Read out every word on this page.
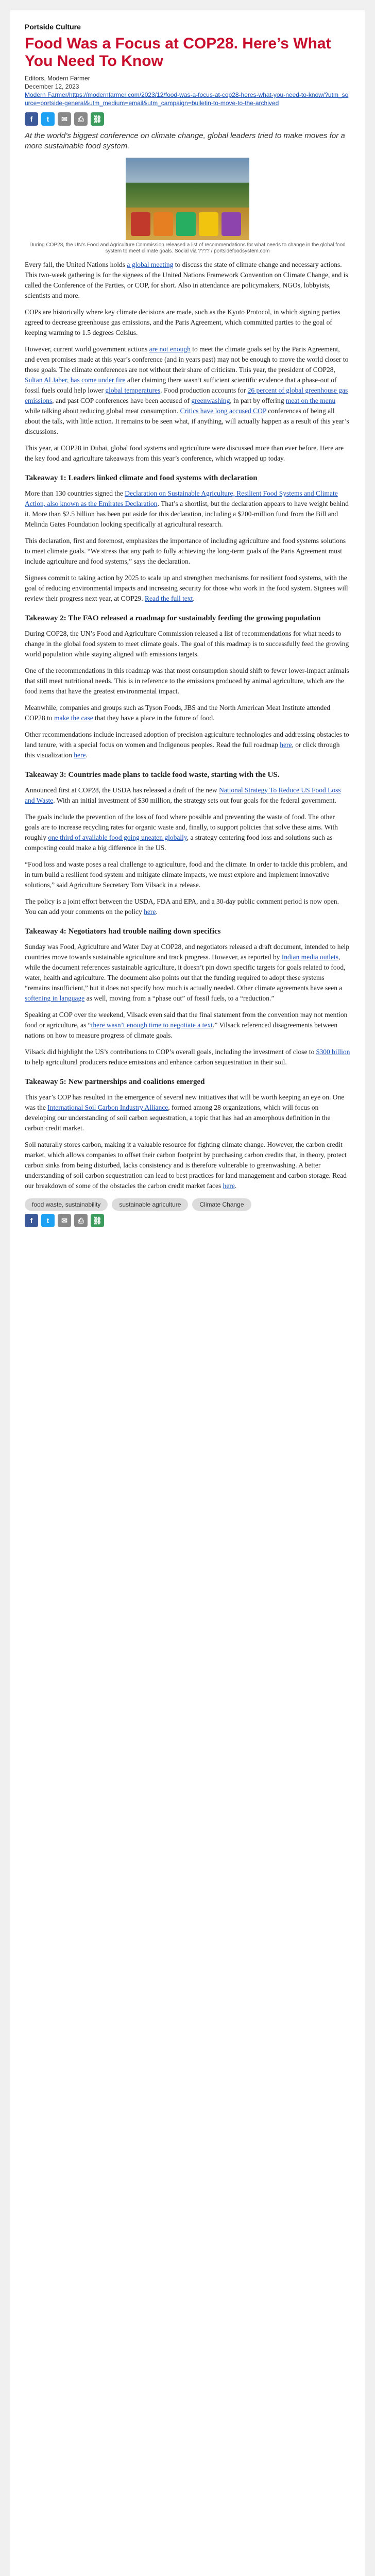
Portside Culture
Food Was a Focus at COP28. Here’s What You Need To Know
Editors, Modern Farmer
December 12, 2023
Modern Farmer/https://modernfarmer.com/2023/12/food-was-a-focus-at-cop28-heres-what-you-need-to-know/?utm_source=portside-general&utm_medium=email&utm_campaign=bulletin-to-move-to-the-archived
f	t	✉	⎙	⛓
At the world’s biggest conference on climate change, global leaders tried to make moves for a more sustainable food system.
During COP28, the UN’s Food and Agriculture Commission released a list of recommendations for what needs to change in the global food system to meet climate goals. Social via ???? / portsidefoodsystem.com

Every fall, the United Nations holds a global meeting to discuss the state of climate change and necessary actions. This two-week gathering is for the signees of the United Nations Framework Convention on Climate Change, and is called the Conference of the Parties, or COP, for short. Also in attendance are policymakers, NGOs, lobbyists, scientists and more.

COPs are historically where key climate decisions are made, such as the Kyoto Protocol, in which signing parties agreed to decrease greenhouse gas emissions, and the Paris Agreement, which committed parties to the goal of keeping warming to 1.5 degrees Celsius.

However, current world government actions are not enough to meet the climate goals set by the Paris Agreement, and even promises made at this year’s conference (and in years past) may not be enough to move the world closer to those goals. The climate conferences are not without their share of criticism. This year, the president of COP28, Sultan Al Jaber, has come under fire after claiming there wasn’t sufficient scientific evidence that a phase-out of fossil fuels could help lower global temperatures. Food production accounts for 26 percent of global greenhouse gas emissions, and past COP conferences have been accused of greenwashing, in part by offering meat on the menu while talking about reducing global meat consumption. Critics have long accused COP conferences of being all about the talk, with little action. It remains to be seen what, if anything, will actually happen as a result of this year’s discussions.

This year, at COP28 in Dubai, global food systems and agriculture were discussed more than ever before. Here are the key food and agriculture takeaways from this year’s conference, which wrapped up today.

Takeaway 1: Leaders linked climate and food systems with declaration

More than 130 countries signed the Declaration on Sustainable Agriculture, Resilient Food Systems and Climate Action, also known as the Emirates Declaration. That’s a shortlist, but the declaration appears to have weight behind it. More than $2.5 billion has been put aside for this declaration, including a $200-million fund from the Bill and Melinda Gates Foundation looking specifically at agricultural research.

This declaration, first and foremost, emphasizes the importance of including agriculture and food systems solutions to meet climate goals. “We stress that any path to fully achieving the long-term goals of the Paris Agreement must include agriculture and food systems,” says the declaration.

Signees commit to taking action by 2025 to scale up and strengthen mechanisms for resilient food systems, with the goal of reducing environmental impacts and increasing security for those who work in the food system. Signees will review their progress next year, at COP29. Read the full text.

Takeaway 2: The FAO released a roadmap for sustainably feeding the growing population

During COP28, the UN’s Food and Agriculture Commission released a list of recommendations for what needs to change in the global food system to meet climate goals. The goal of this roadmap is to successfully feed the growing world population while staying aligned with emissions targets.

One of the recommendations in this roadmap was that most consumption should shift to fewer lower-impact animals that still meet nutritional needs. This is in reference to the emissions produced by animal agriculture, which are the food items that have the greatest environmental impact.

Meanwhile, companies and groups such as Tyson Foods, JBS and the North American Meat Institute attended COP28 to make the case that they have a place in the future of food.

Other recommendations include increased adoption of precision agriculture technologies and addressing obstacles to land tenure, with a special focus on women and Indigenous peoples. Read the full roadmap here, or click through this visualization here.

Takeaway 3: Countries made plans to tackle food waste, starting with the US.

Announced first at COP28, the USDA has released a draft of the new National Strategy To Reduce US Food Loss and Waste. With an initial investment of $30 million, the strategy sets out four goals for the federal government.

The goals include the prevention of the loss of food where possible and preventing the waste of food. The other goals are to increase recycling rates for organic waste and, finally, to support policies that solve these aims. With roughly one third of available food going uneaten globally, a strategy centering food loss and solutions such as composting could make a big difference in the US.

“Food loss and waste poses a real challenge to agriculture, food and the climate. In order to tackle this problem, and in turn build a resilient food system and mitigate climate impacts, we must explore and implement innovative solutions,” said Agriculture Secretary Tom Vilsack in a release.

The policy is a joint effort between the USDA, FDA and EPA, and a 30-day public comment period is now open. You can add your comments on the policy here.

Takeaway 4: Negotiators had trouble nailing down specifics

Sunday was Food, Agriculture and Water Day at COP28, and negotiators released a draft document, intended to help countries move towards sustainable agriculture and track progress. However, as reported by Indian media outlets, while the document references sustainable agriculture, it doesn’t pin down specific targets for goals related to food, water, health and agriculture. The document also points out that the funding required to adopt these systems “remains insufficient,” but it does not specify how much is actually needed. Other climate agreements have seen a softening in language as well, moving from a “phase out” of fossil fuels, to a “reduction.”

Speaking at COP over the weekend, Vilsack even said that the final statement from the convention may not mention food or agriculture, as “there wasn’t enough time to negotiate a text.” Vilsack referenced disagreements between nations on how to measure progress of climate goals.

Vilsack did highlight the US’s contributions to COP’s overall goals, including the investment of close to $300 billion to help agricultural producers reduce emissions and enhance carbon sequestration in their soil.

Takeaway 5: New partnerships and coalitions emerged

This year’s COP has resulted in the emergence of several new initiatives that will be worth keeping an eye on. One was the International Soil Carbon Industry Alliance, formed among 28 organizations, which will focus on developing our understanding of soil carbon sequestration, a topic that has had an amorphous definition in the carbon credit market.

Soil naturally stores carbon, making it a valuable resource for fighting climate change. However, the carbon credit market, which allows companies to offset their carbon footprint by purchasing carbon credits that, in theory, protect carbon sinks from being disturbed, lacks consistency and is therefore vulnerable to greenwashing. A better understanding of soil carbon sequestration can lead to best practices for land management and carbon storage. Read our breakdown of some of the obstacles the carbon credit market faces here.

food waste, sustainability	sustainable agriculture	Climate Change
f	t	✉	⎙	⛓
